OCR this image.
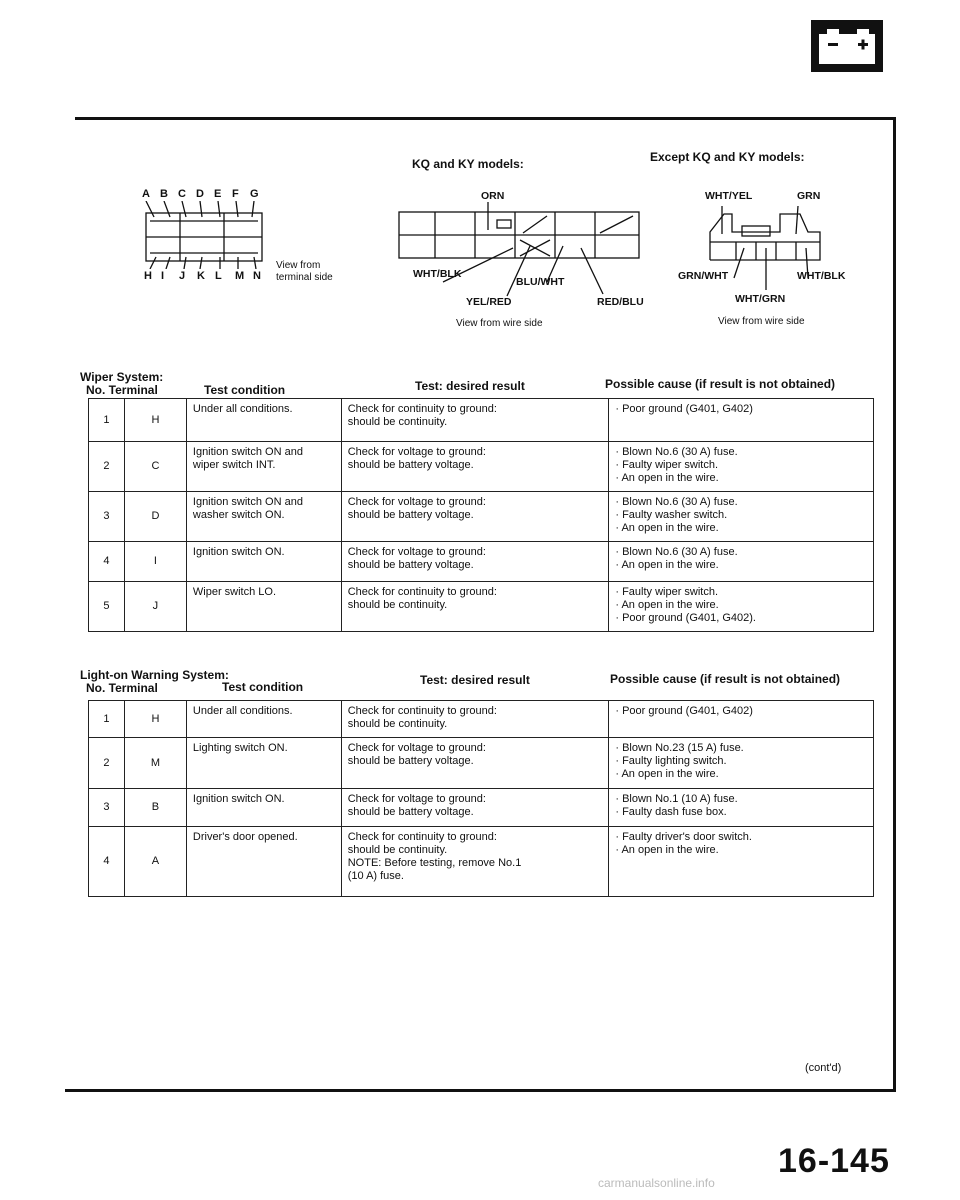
A B C D E F G
H I J K L M N
View from
terminal side
KQ and KY models:
ORN
WHT/BLK
BLU/WHT
YEL/RED	RED/BLU
View from wire side
Except KQ and KY models:
WHT/YEL	GRN
GRN/WHT	WHT/BLK
WHT/GRN
View from wire side
Wiper System:
No. Terminal	Test condition	Test: desired result	Possible cause (if result is not obtained)
1	H	Under all conditions.	Check for continuity to ground:
should be continuity.	· Poor ground (G401, G402)

2	C	Ignition switch ON and
wiper switch INT.	Check for voltage to ground:
should be battery voltage.	· Blown No.6 (30 A) fuse.
· Faulty wiper switch.
· An open in the wire.

3	D	Ignition switch ON and
washer switch ON.	Check for voltage to ground:
should be battery voltage.	· Blown No.6 (30 A) fuse.
· Faulty washer switch.
· An open in the wire.

4	I	Ignition switch ON.	Check for voltage to ground:
should be battery voltage.	· Blown No.6 (30 A) fuse.
· An open in the wire.

5	J	Wiper switch LO.	Check for continuity to ground:
should be continuity.	· Faulty wiper switch.
· An open in the wire.
· Poor ground (G401, G402).
Light-on Warning System:
No. Terminal	Test condition	Test: desired result	Possible cause (if result is not obtained)
1	H	Under all conditions.	Check for continuity to ground:
should be continuity.	· Poor ground (G401, G402)

2	M	Lighting switch ON.	Check for voltage to ground:
should be battery voltage.	· Blown No.23 (15 A) fuse.
· Faulty lighting switch.
· An open in the wire.

3	B	Ignition switch ON.	Check for voltage to ground:
should be battery voltage.	· Blown No.1 (10 A) fuse.
· Faulty dash fuse box.

4	A	Driver's door opened.	Check for continuity to ground:
should be continuity.
NOTE: Before testing, remove No.1
(10 A) fuse.	· Faulty driver's door switch.
· An open in the wire.
(cont'd)
16-145
carmanualsonline.info
